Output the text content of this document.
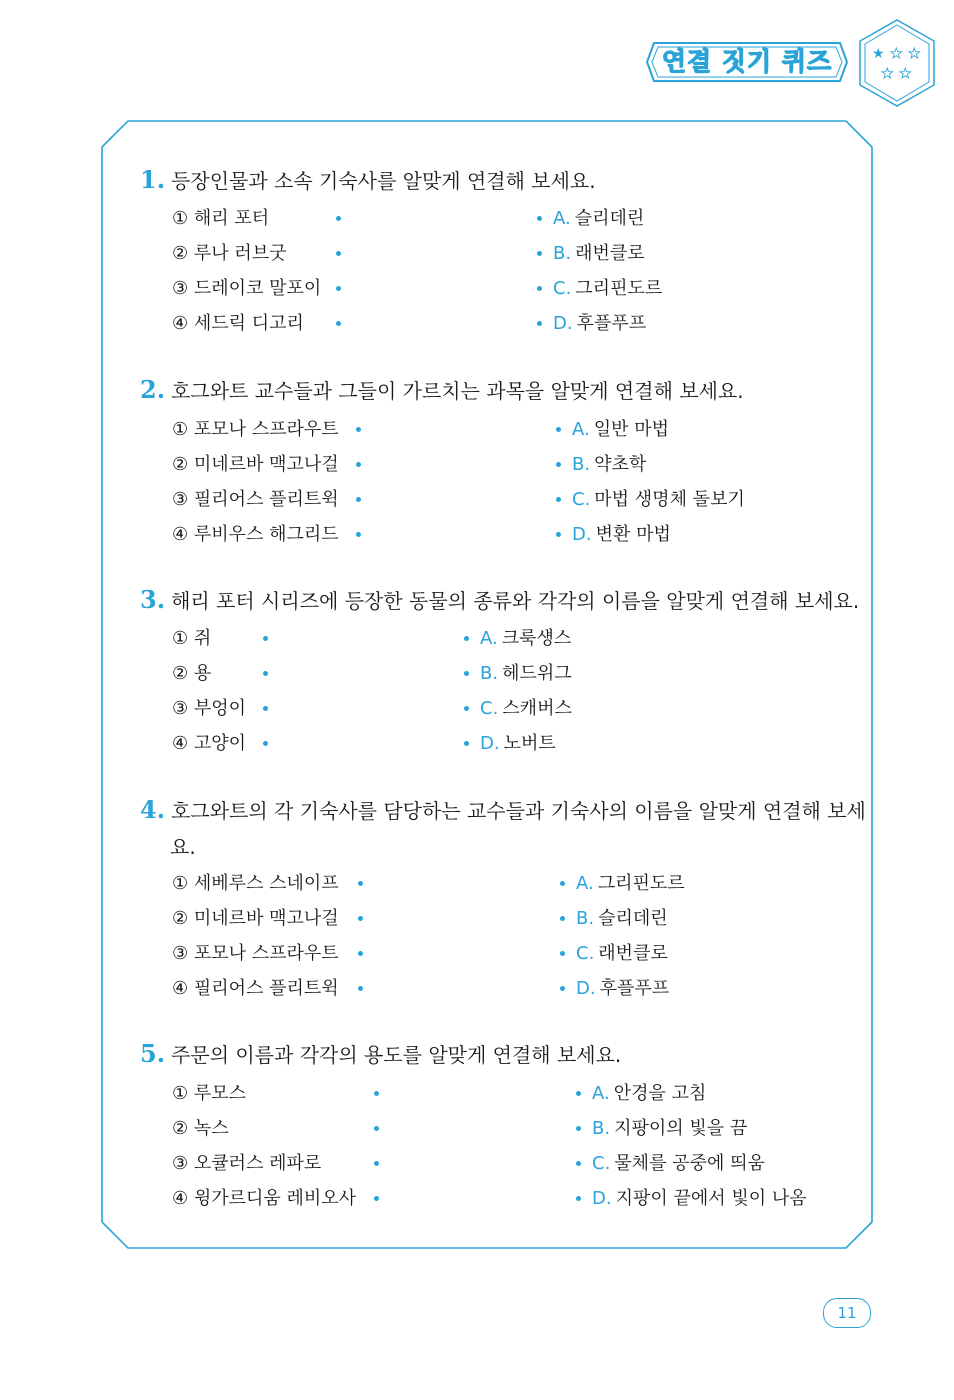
연결 짓기 퀴즈	★ ★ ★
★ ★
1. 등장인물과 소속 기숙사를 알맞게 연결해 보세요.
① 해리 포터	A. 슬리데린
② 루나 러브굿	B. 래번클로
③ 드레이코 말포이	C. 그리핀도르
④ 세드릭 디고리	D. 후플푸프
2. 호그와트 교수들과 그들이 가르치는 과목을 알맞게 연결해 보세요.
① 포모나 스프라우트	A. 일반 마법
② 미네르바 맥고나걸	B. 약초학
③ 필리어스 플리트윅	C. 마법 생명체 돌보기
④ 루비우스 해그리드	D. 변환 마법
3. 해리 포터 시리즈에 등장한 동물의 종류와 각각의 이름을 알맞게 연결해 보세요.
① 쥐	A. 크룩섕스
② 용	B. 헤드위그
③ 부엉이	C. 스캐버스
④ 고양이	D. 노버트
4. 호그와트의 각 기숙사를 담당하는 교수들과 기숙사의 이름을 알맞게 연결해 보세요.
① 세베루스 스네이프	A. 그리핀도르
② 미네르바 맥고나걸	B. 슬리데린
③ 포모나 스프라우트	C. 래번클로
④ 필리어스 플리트윅	D. 후플푸프
5. 주문의 이름과 각각의 용도를 알맞게 연결해 보세요.
① 루모스	A. 안경을 고침
② 녹스	B. 지팡이의 빛을 끔
③ 오큘러스 레파로	C. 물체를 공중에 띄움
④ 윙가르디움 레비오사	D. 지팡이 끝에서 빛이 나옴
11
